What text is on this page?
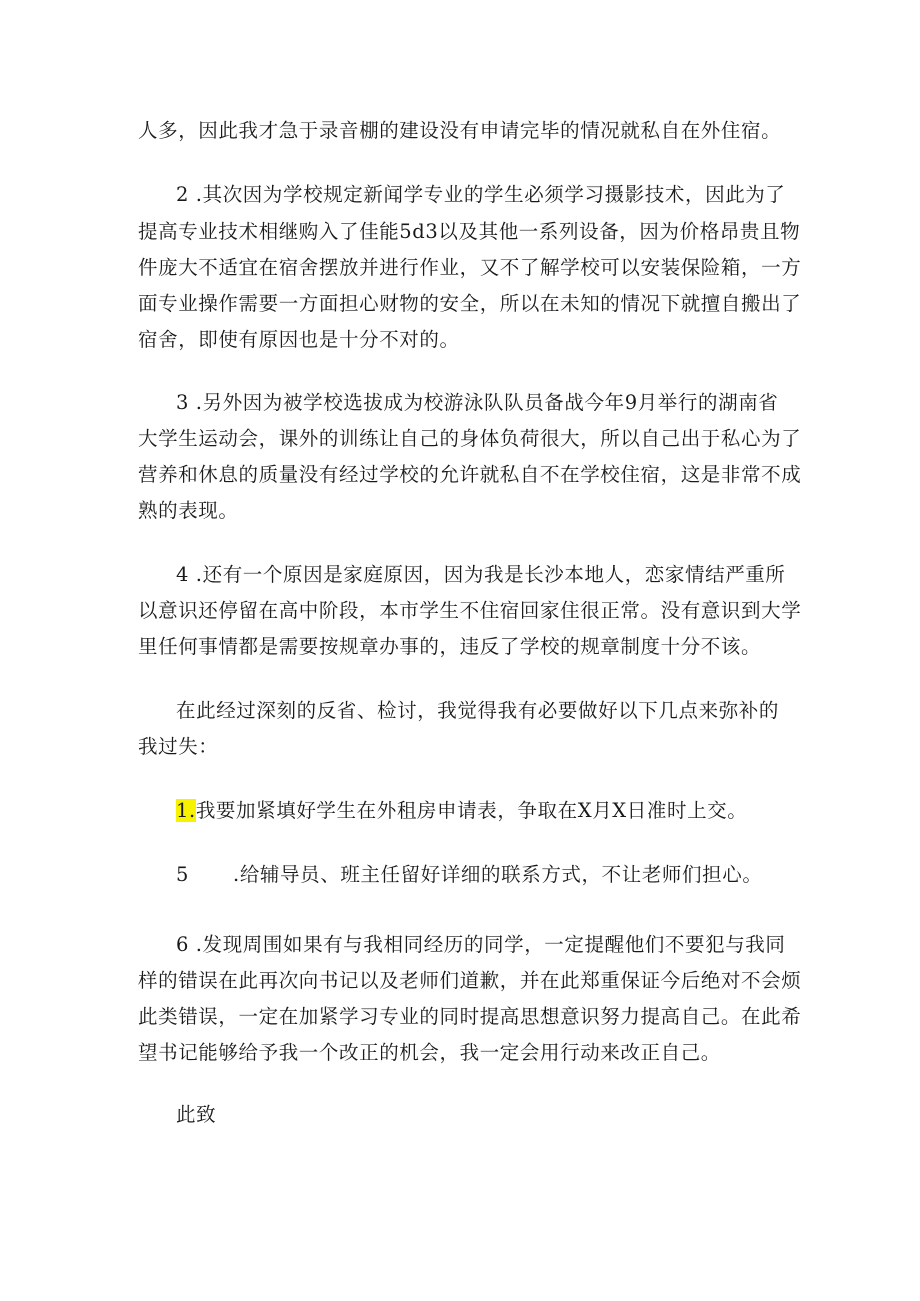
人多，因此我才急于录音棚的建设没有申请完毕的情况就私自在外住宿。
2 .其次因为学校规定新闻学专业的学生必须学习摄影技术，因此为了
提高专业技术相继购入了佳能5d3以及其他一系列设备，因为价格昂贵且物
件庞大不适宜在宿舍摆放并进行作业，又不了解学校可以安装保险箱，一方
面专业操作需要一方面担心财物的安全，所以在未知的情况下就擅自搬出了
宿舍，即使有原因也是十分不对的。
3 .另外因为被学校选拔成为校游泳队队员备战今年9月举行的湖南省
大学生运动会，课外的训练让自己的身体负荷很大，所以自己出于私心为了
营养和休息的质量没有经过学校的允许就私自不在学校住宿，这是非常不成
熟的表现。
4 .还有一个原因是家庭原因，因为我是长沙本地人，恋家情结严重所
以意识还停留在高中阶段，本市学生不住宿回家住很正常。没有意识到大学
里任何事情都是需要按规章办事的，违反了学校的规章制度十分不该。
在此经过深刻的反省、检讨，我觉得我有必要做好以下几点来弥补的
我过失：
1.我要加紧填好学生在外租房申请表，争取在X月X日准时上交。
5 .给辅导员、班主任留好详细的联系方式，不让老师们担心。
6 .发现周围如果有与我相同经历的同学，一定提醒他们不要犯与我同
样的错误在此再次向书记以及老师们道歉，并在此郑重保证今后绝对不会烦
此类错误，一定在加紧学习专业的同时提高思想意识努力提高自己。在此希
望书记能够给予我一个改正的机会，我一定会用行动来改正自己。
此致
